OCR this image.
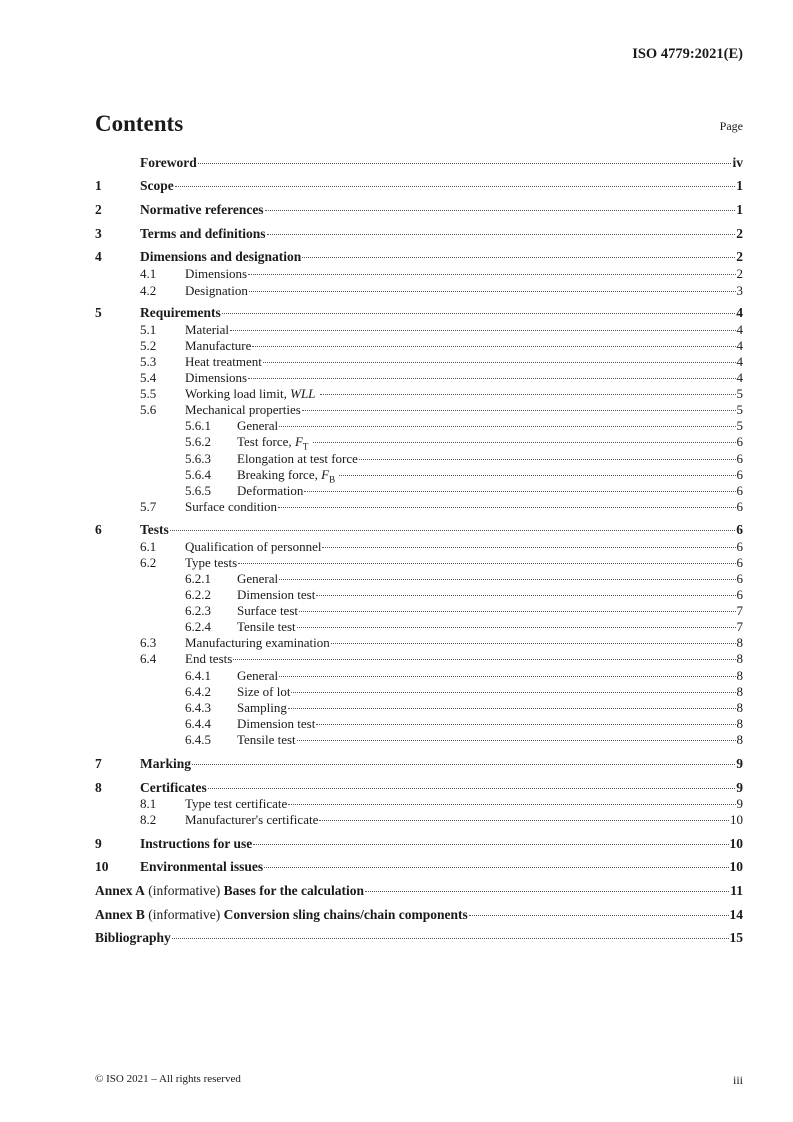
ISO 4779:2021(E)
Contents	Page
Foreword	iv
1	Scope	1
2	Normative references	1
3	Terms and definitions	2
4	Dimensions and designation	2
4.1	Dimensions	2
4.2	Designation	3
5	Requirements	4
5.1	Material	4
5.2	Manufacture	4
5.3	Heat treatment	4
5.4	Dimensions	4
5.5	Working load limit, WLL	5
5.6	Mechanical properties	5
5.6.1	General	5
5.6.2	Test force, $F_T$	6
5.6.3	Elongation at test force	6
5.6.4	Breaking force, $F_B$	6
5.6.5	Deformation	6
5.7	Surface condition	6
6	Tests	6
6.1	Qualification of personnel	6
6.2	Type tests	6
6.2.1	General	6
6.2.2	Dimension test	6
6.2.3	Surface test	7
6.2.4	Tensile test	7
6.3	Manufacturing examination	8
6.4	End tests	8
6.4.1	General	8
6.4.2	Size of lot	8
6.4.3	Sampling	8
6.4.4	Dimension test	8
6.4.5	Tensile test	8
7	Marking	9
8	Certificates	9
8.1	Type test certificate	9
8.2	Manufacturer's certificate	10
9	Instructions for use	10
10	Environmental issues	10
Annex A (informative) Bases for the calculation	11
Annex B (informative) Conversion sling chains/chain components	14
Bibliography	15
© ISO 2021 – All rights reserved	iii
